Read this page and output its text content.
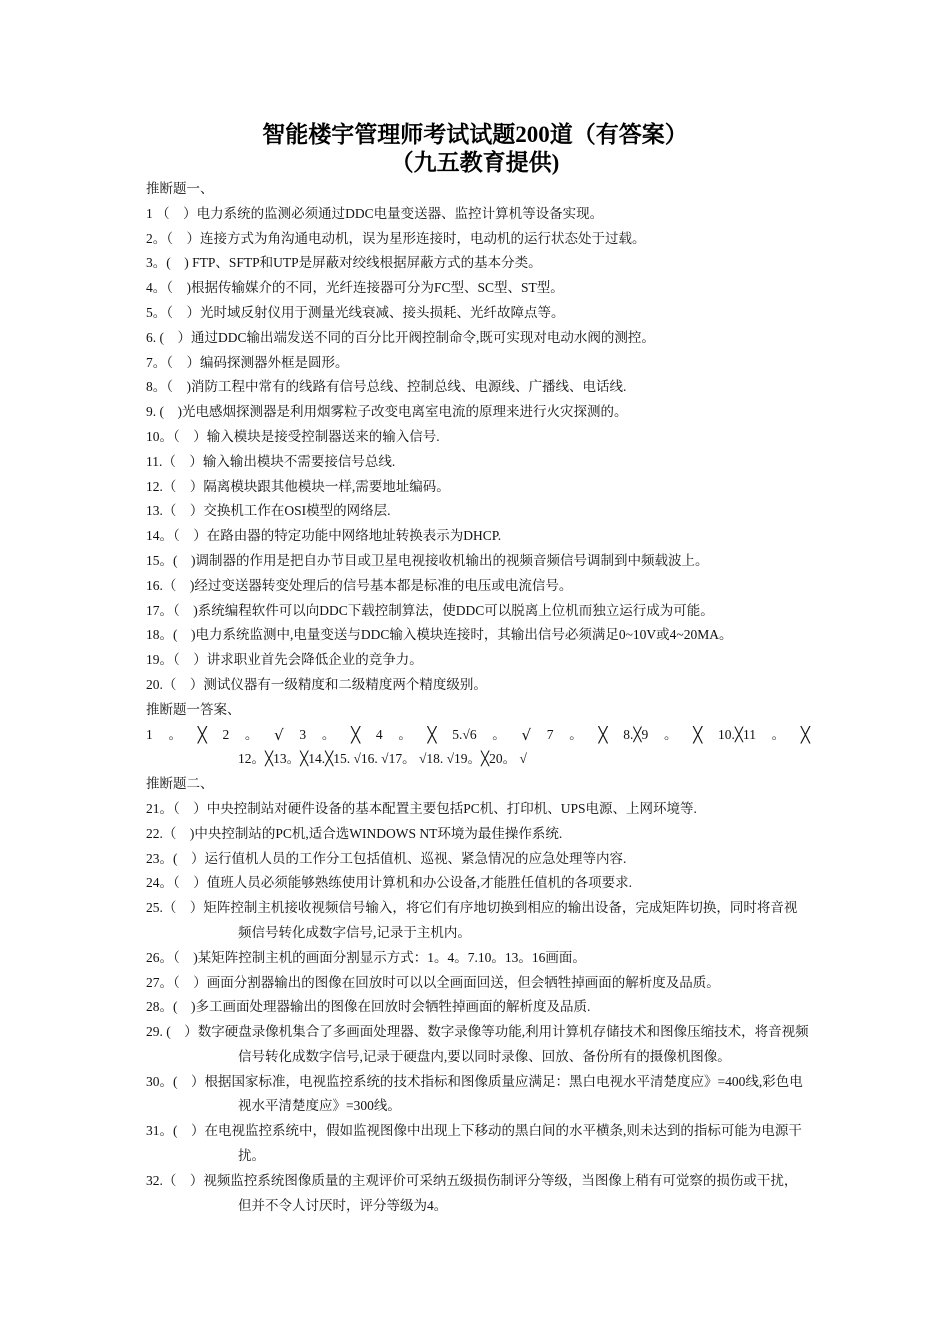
智能楼宇管理师考试试题200道（有答案）
（九五教育提供)
推断题一、
1 （　）电力系统的监测必须通过DDC电量变送器、监控计算机等设备实现。
2。（　）连接方式为角沟通电动机，误为星形连接时，电动机的运行状态处于过载。
3。(　) FTP、SFTP和UTP是屏蔽对绞线根据屏蔽方式的基本分类。
4。（　)根据传输媒介的不同，光纤连接器可分为FC型、SC型、ST型。
5。（　）光时域反射仪用于测量光线衰减、接头损耗、光纤故障点等。
6. (　）通过DDC输出端发送不同的百分比开阀控制命令,既可实现对电动水阀的测控。
7。（　）编码探测器外框是圆形。
8。（　)消防工程中常有的线路有信号总线、控制总线、电源线、广播线、电话线.
9. (　)光电感烟探测器是利用烟雾粒子改变电离室电流的原理来进行火灾探测的。
10。（　）输入模块是接受控制器送来的输入信号.
11.（　）输入输出模块不需要接信号总线.
12.（　）隔离模块跟其他模块一样,需要地址编码。
13.（　）交换机工作在OSI模型的网络层.
14。（　）在路由器的特定功能中网络地址转换表示为DHCP.
15。(　)调制器的作用是把自办节目或卫星电视接收机输出的视频音频信号调制到中频载波上。
16.（　)经过变送器转变处理后的信号基本都是标准的电压或电流信号。
17。（　)系统编程软件可以向DDC下载控制算法，使DDC可以脱离上位机而独立运行成为可能。
18。(　)电力系统监测中,电量变送与DDC输入模块连接时，其输出信号必须满足0~10V或4~20MA。
19。（　）讲求职业首先会降低企业的竞争力。
20.（　）测试仪器有一级精度和二级精度两个精度级别。
推断题一答案、
1 。 ╳ 2 。 √ 3 。 ╳ 4 。 ╳ 5.√6 。 √ 7 。 ╳ 8.╳9 。 ╳ 10.╳11 。 ╳
12。╳13。╳14.╳15. √16. √17。 √18. √19。╳20。 √
推断题二、
21。（　）中央控制站对硬件设备的基本配置主要包括PC机、打印机、UPS电源、上网环境等.
22.（　)中央控制站的PC机,适合选WINDOWS NT环境为最佳操作系统.
23。(　）运行值机人员的工作分工包括值机、巡视、紧急情况的应急处理等内容.
24。（　）值班人员必须能够熟练使用计算机和办公设备,才能胜任值机的各项要求.
25.（　）矩阵控制主机接收视频信号输入，将它们有序地切换到相应的输出设备，完成矩阵切换，同时将音视频信号转化成数字信号,记录于主机内。
26。（　)某矩阵控制主机的画面分割显示方式：1。4。7.10。13。16画面。
27。（　）画面分割器输出的图像在回放时可以以全画面回送，但会牺牲掉画面的解析度及品质。
28。(　)多工画面处理器输出的图像在回放时会牺牲掉画面的解析度及品质.
29. (　）数字硬盘录像机集合了多画面处理器、数字录像等功能,利用计算机存储技术和图像压缩技术，将音视频信号转化成数字信号,记录于硬盘内,要以同时录像、回放、备份所有的摄像机图像。
30。(　）根据国家标准，电视监控系统的技术指标和图像质量应满足：黑白电视水平清楚度应》=400线,彩色电视水平清楚度应》=300线。
31。(　）在电视监控系统中，假如监视图像中出现上下移动的黑白间的水平横条,则未达到的指标可能为电源干扰。
32.（　）视频监控系统图像质量的主观评价可采纳五级损伤制评分等级，当图像上稍有可觉察的损伤或干扰，但并不令人讨厌时，评分等级为4。
